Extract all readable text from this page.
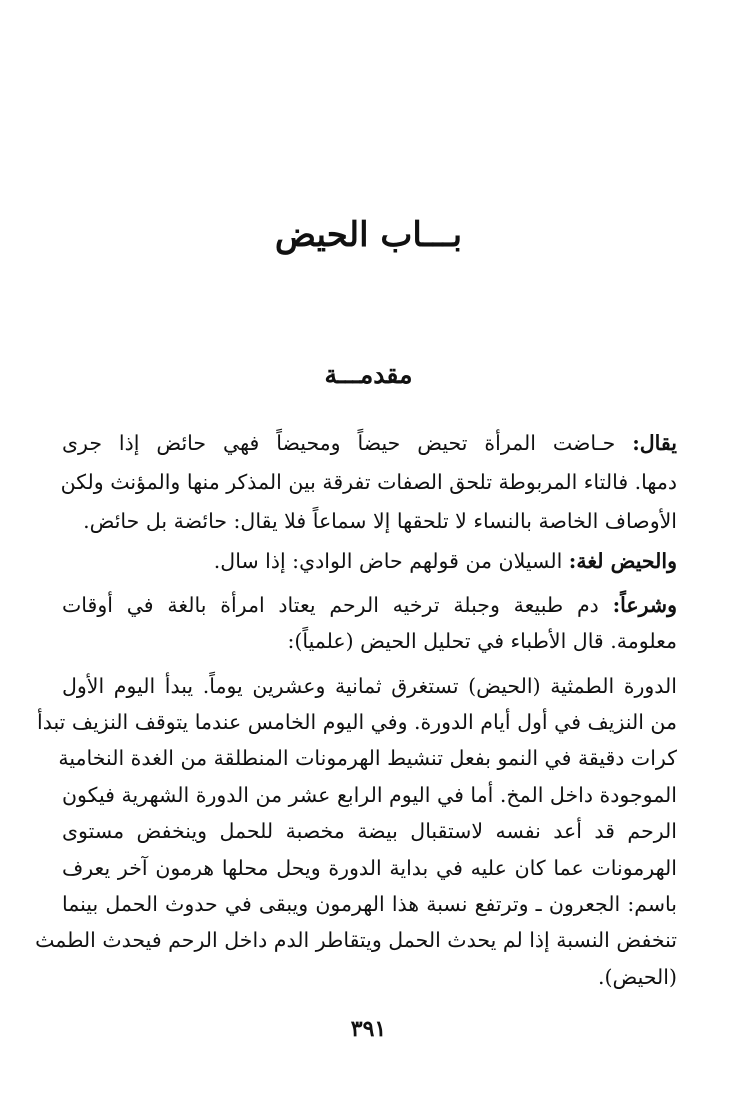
بـــاب الحيض
مقدمـــة
يقال: حـاضت المرأة تحيض حيضاً ومحيضاً فهي حائض إذا جرى
دمها. فالتاء المربوطة تلحق الصفات تفرقة بين المذكر منها والمؤنث ولكن
الأوصاف الخاصة بالنساء لا تلحقها إلا سماعاً فلا يقال: حائضة بل حائض.
والحيض لغة: السيلان من قولهم حاض الوادي: إذا سال.
وشرعاً: دم طبيعة وجبلة ترخيه الرحم يعتاد امرأة بالغة في أوقات
معلومة. قال الأطباء في تحليل الحيض (علمياً):
الدورة الطمثية (الحيض) تستغرق ثمانية وعشرين يوماً. يبدأ اليوم الأول
من النزيف في أول أيام الدورة. وفي اليوم الخامس عندما يتوقف النزيف تبدأ
كرات دقيقة في النمو بفعل تنشيط الهرمونات المنطلقة من الغدة النخامية
الموجودة داخل المخ. أما في اليوم الرابع عشر من الدورة الشهرية فيكون
الرحم قد أعد نفسه لاستقبال بيضة مخصبة للحمل وينخفض مستوى
الهرمونات عما كان عليه في بداية الدورة ويحل محلها هرمون آخر يعرف
باسم: الجعرون ـ وترتفع نسبة هذا الهرمون ويبقى في حدوث الحمل بينما
تنخفض النسبة إذا لم يحدث الحمل ويتقاطر الدم داخل الرحم فيحدث الطمث
(الحيض).
٣٩١
